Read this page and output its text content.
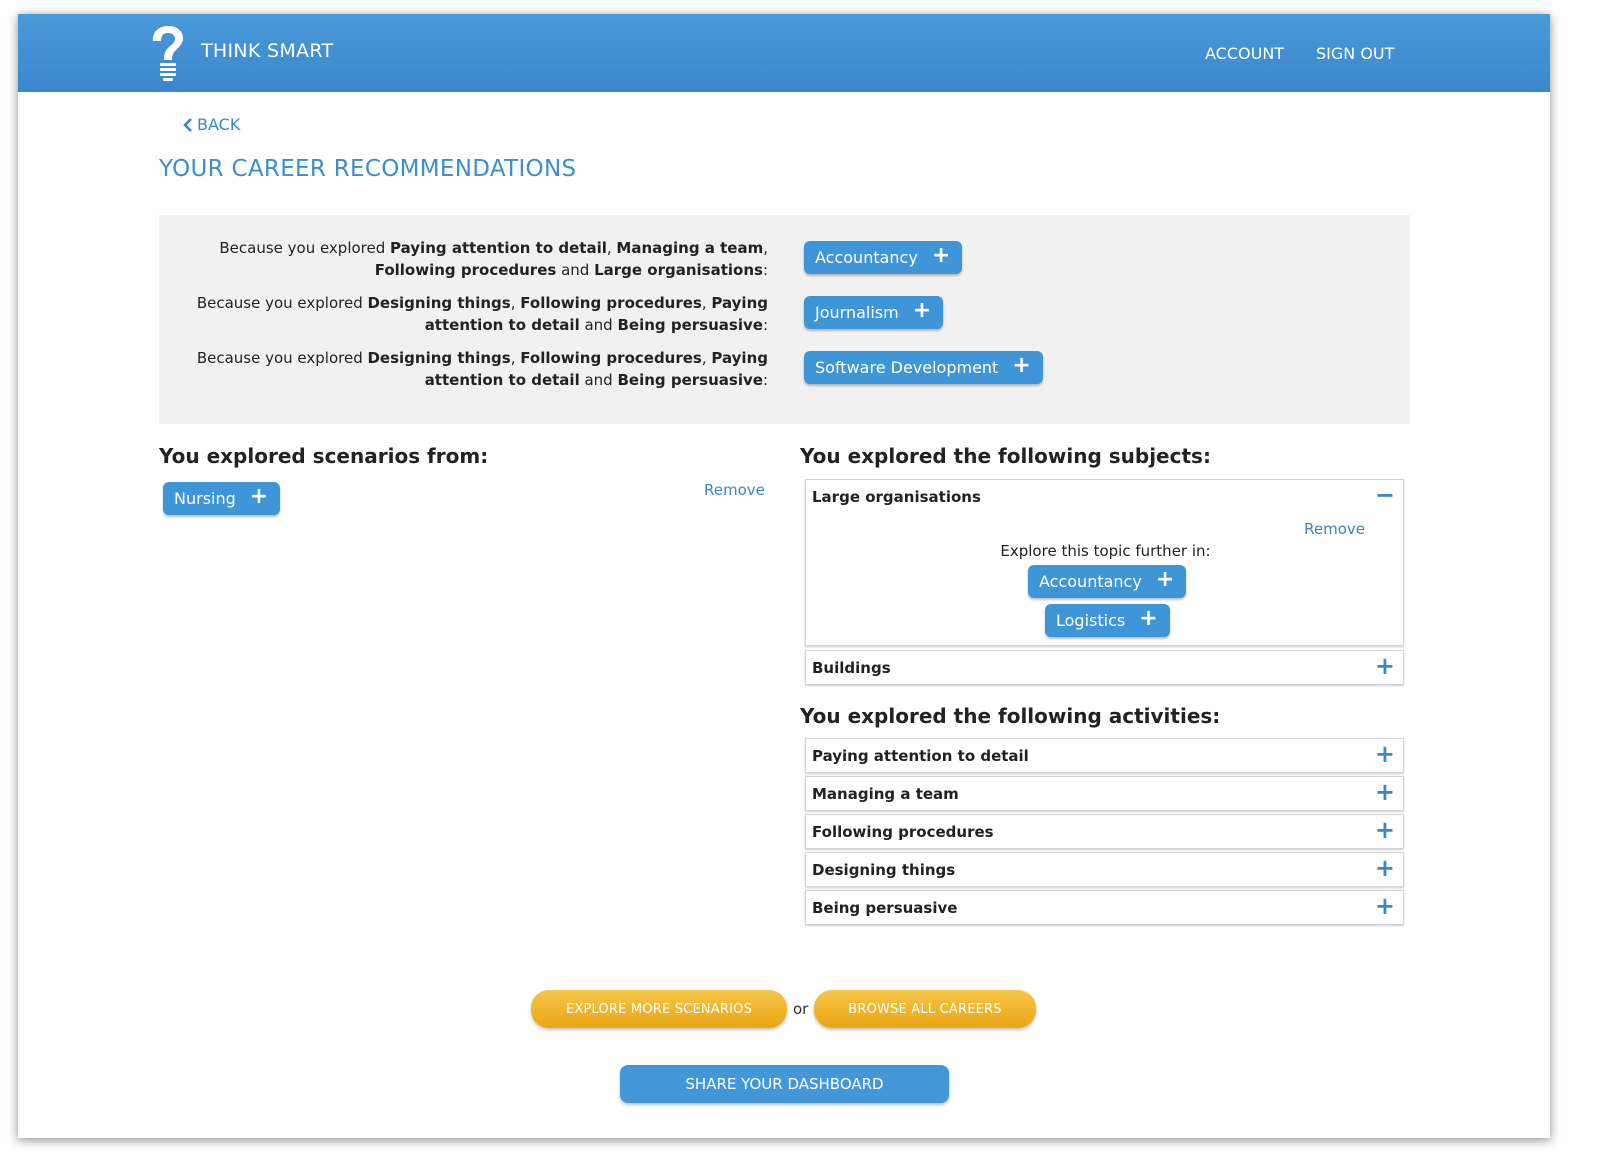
THINK SMART	ACCOUNT SIGN OUT
BACK
YOUR CAREER RECOMMENDATIONS
Because you explored Paying attention to detail, Managing a team,
Following procedures and Large organisations:
Accountancy +
Because you explored Designing things, Following procedures, Paying
attention to detail and Being persuasive:
Journalism +
Because you explored Designing things, Following procedures, Paying
attention to detail and Being persuasive:
Software Development +
You explored scenarios from:
Nursing +	Remove
You explored the following subjects:
Large organisations	−
Remove
Explore this topic further in:
Accountancy +
Logistics +
Buildings	+
You explored the following activities:
Paying attention to detail	+
Managing a team	+
Following procedures	+
Designing things	+
Being persuasive	+
EXPLORE MORE SCENARIOS	or	BROWSE ALL CAREERS
SHARE YOUR DASHBOARD
